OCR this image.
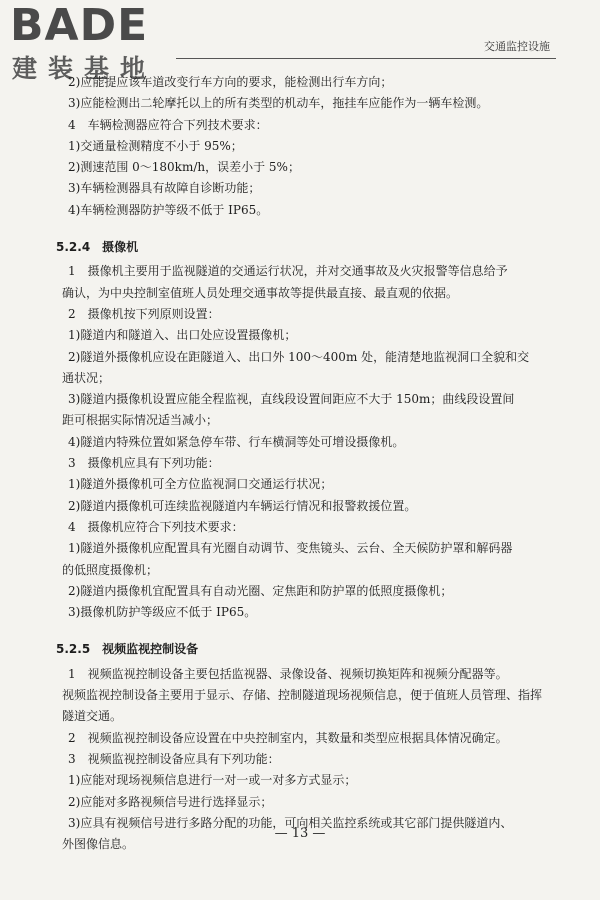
BADE
建装基地
交通监控设施
2)应能提应该车道改变行车方向的要求，能检测出行车方向；
3)应能检测出二轮摩托以上的所有类型的机动车，拖挂车应能作为一辆车检测。
4　车辆检测器应符合下列技术要求：
1)交通量检测精度不小于 95%；
2)测速范围 0～180km/h，误差小于 5%；
3)车辆检测器具有故障自诊断功能；
4)车辆检测器防护等级不低于 IP65。
5.2.4 摄像机
1　摄像机主要用于监视隧道的交通运行状况，并对交通事故及火灾报警等信息给予
确认，为中央控制室值班人员处理交通事故等提供最直接、最直观的依据。
2　摄像机按下列原则设置：
1)隧道内和隧道入、出口处应设置摄像机；
2)隧道外摄像机应设在距隧道入、出口外 100～400m 处，能清楚地监视洞口全貌和交
通状况；
3)隧道内摄像机设置应能全程监视，直线段设置间距应不大于 150m；曲线段设置间
距可根据实际情况适当减小；
4)隧道内特殊位置如紧急停车带、行车横洞等处可增设摄像机。
3　摄像机应具有下列功能：
1)隧道外摄像机可全方位监视洞口交通运行状况；
2)隧道内摄像机可连续监视隧道内车辆运行情况和报警救援位置。
4　摄像机应符合下列技术要求：
1)隧道外摄像机应配置具有光圈自动调节、变焦镜头、云台、全天候防护罩和解码器
的低照度摄像机；
2)隧道内摄像机宜配置具有自动光圈、定焦距和防护罩的低照度摄像机；
3)摄像机防护等级应不低于 IP65。
5.2.5 视频监视控制设备
1　视频监视控制设备主要包括监视器、录像设备、视频切换矩阵和视频分配器等。
视频监视控制设备主要用于显示、存储、控制隧道现场视频信息，便于值班人员管理、指挥
隧道交通。
2　视频监视控制设备应设置在中央控制室内，其数量和类型应根据具体情况确定。
3　视频监视控制设备应具有下列功能：
1)应能对现场视频信息进行一对一或一对多方式显示；
2)应能对多路视频信号进行选择显示；
3)应具有视频信号进行多路分配的功能，可向相关监控系统或其它部门提供隧道内、
外图像信息。
— 13 —
